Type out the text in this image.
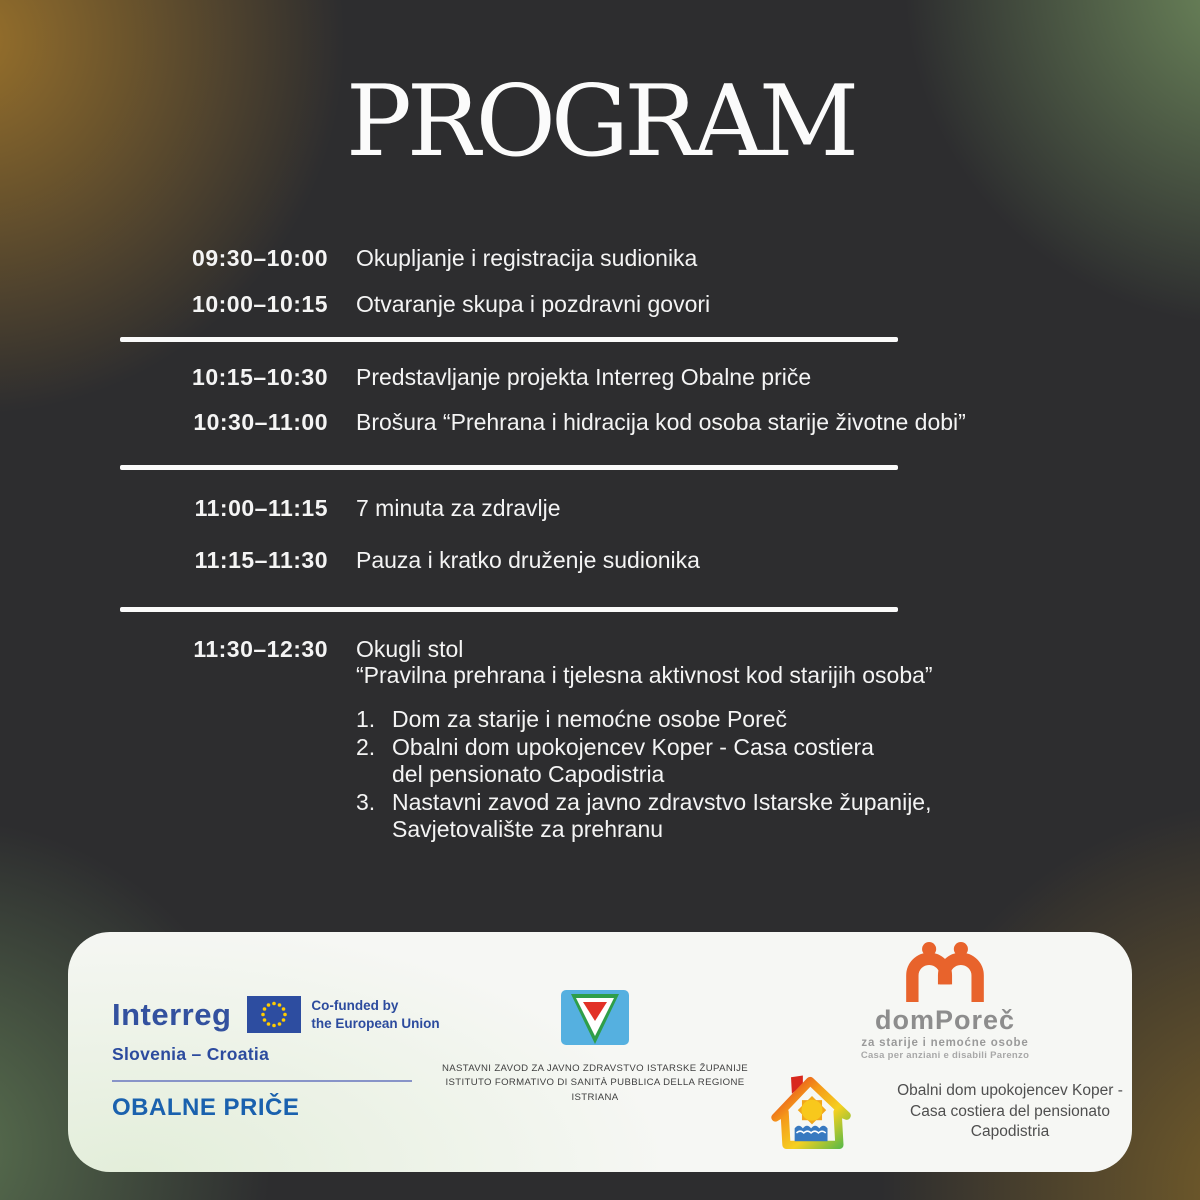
PROGRAM
09:30–10:00 Okupljanje i registracija sudionika
10:00–10:15 Otvaranje skupa i pozdravni govori
10:15–10:30 Predstavljanje projekta Interreg Obalne priče
10:30–11:00 Brošura “Prehrana i hidracija kod osoba starije životne dobi”
11:00–11:15 7 minuta za zdravlje
11:15–11:30 Pauza i kratko druženje sudionika
11:30–12:30 Okugli stol
“Pravilna prehrana i tjelesna aktivnost kod starijih osoba”
1. Dom za starije i nemoćne osobe Poreč
2. Obalni dom upokojencev Koper - Casa costiera
del pensionato Capodistria
3. Nastavni zavod za javno zdravstvo Istarske županije,
Savjetovalište za prehranu
Interreg	Co-funded by
the European Union
Slovenia – Croatia
OBALNE PRIČE
NASTAVNI ZAVOD ZA JAVNO ZDRAVSTVO ISTARSKE ŽUPANIJE
ISTITUTO FORMATIVO DI SANITÀ PUBBLICA DELLA REGIONE ISTRIANA
domPoreč
za starije i nemoćne osobe
Casa per anziani e disabili Parenzo
Obalni dom upokojencev Koper -
Casa costiera del pensionato Capodistria
